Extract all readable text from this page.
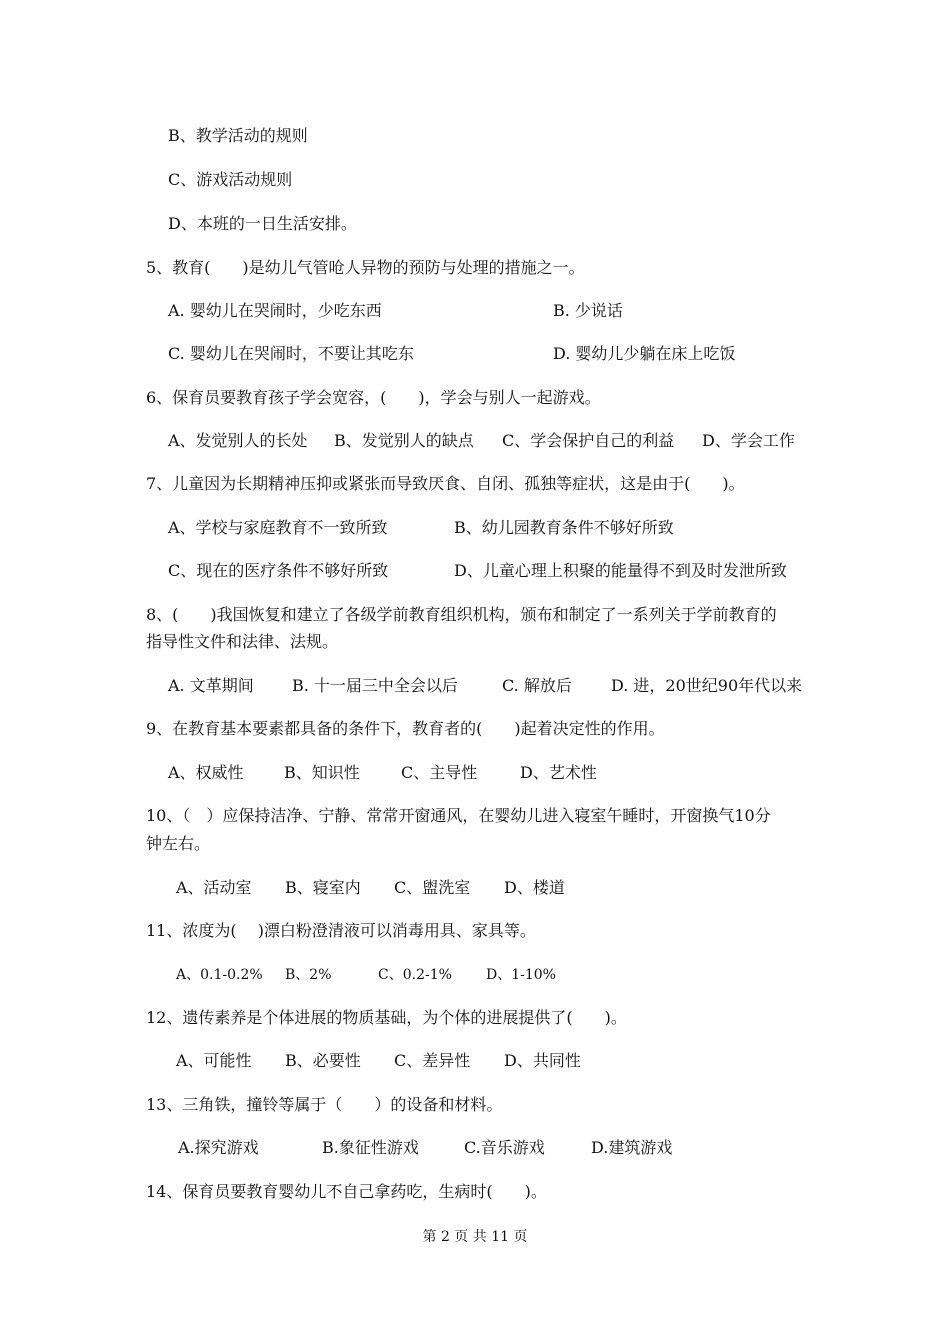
B、教学活动的规则
C、游戏活动规则
D、本班的一日生活安排。
5、教育(　　)是幼儿气管呛人异物的预防与处理的措施之一。
A. 婴幼儿在哭闹时，少吃东西	B. 少说话
C. 婴幼儿在哭闹时，不要让其吃东	D. 婴幼儿少躺在床上吃饭
6、保育员要教育孩子学会宽容，(　　)，学会与别人一起游戏。
A、发觉别人的长处 B、发觉别人的缺点 C、学会保护自己的利益 D、学会工作
7、儿童因为长期精神压抑或紧张而导致厌食、自闭、孤独等症状，这是由于(　　)。
A、学校与家庭教育不一致所致	B、幼儿园教育条件不够好所致
C、现在的医疗条件不够好所致	D、儿童心理上积聚的能量得不到及时发泄所致
8、(　　)我国恢复和建立了各级学前教育组织机构，颁布和制定了一系列关于学前教育的
指导性文件和法律、法规。
A. 文革期间 B. 十一届三中全会以后	C. 解放后 D. 进，20世纪90年代以来
9、在教育基本要素都具备的条件下，教育者的(　　)起着决定性的作用。
A、权威性	B、知识性	C、主导性	D、艺术性
10、（　）应保持洁净、宁静、常常开窗通风，在婴幼儿进入寝室午睡时，开窗换气10分
钟左右。
A、活动室 B、寝室内 C、盥洗室 D、楼道
11、浓度为(　 )漂白粉澄清液可以消毒用具、家具等。
A、0.1-0.2% B、2%	C、0.2-1% D、1-10%
12、遗传素养是个体进展的物质基础，为个体的进展提供了(　　)。
A、可能性 B、必要性 C、差异性 D、共同性
13、三角铁，撞铃等属于（　　）的设备和材料。
A.探究游戏	B.象征性游戏	C.音乐游戏	D.建筑游戏
14、保育员要教育婴幼儿不自己拿药吃，生病时(　　)。
第 2 页 共 11 页
